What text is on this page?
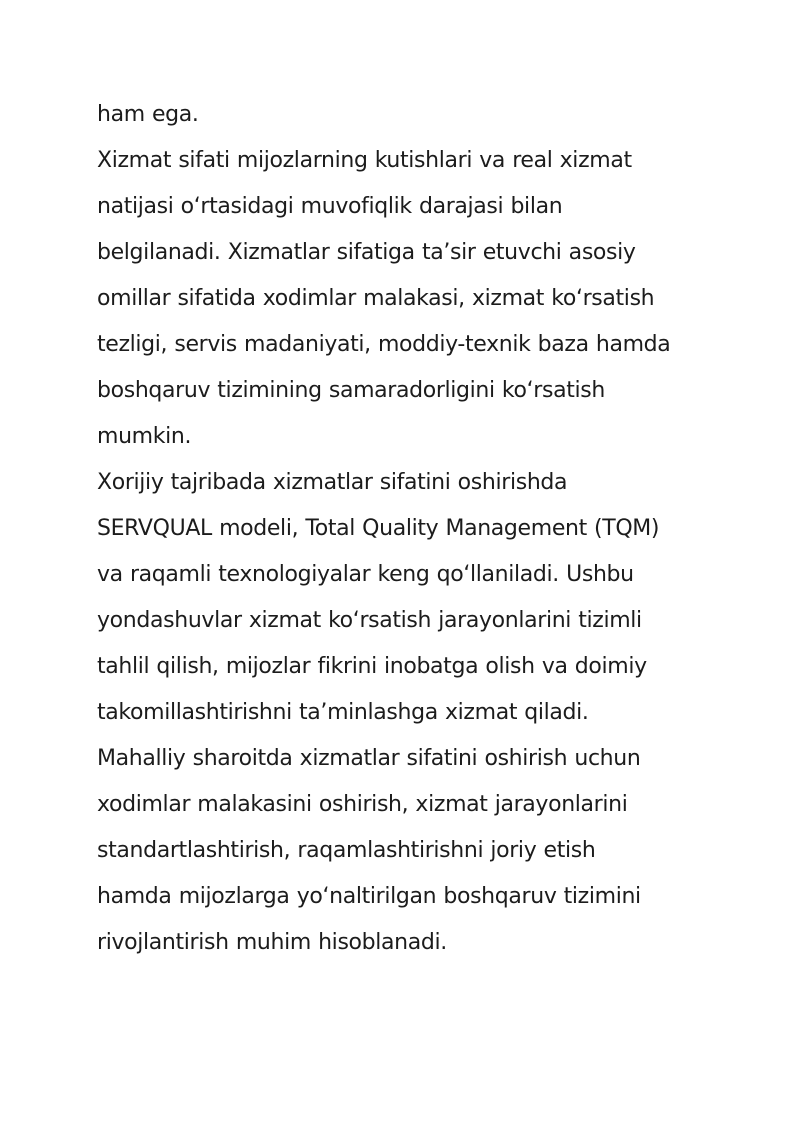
ham ega.

Xizmat sifati mijozlarning kutishlari va real xizmat
natijasi o‘rtasidagi muvofiqlik darajasi bilan
belgilanadi. Xizmatlar sifatiga ta’sir etuvchi asosiy
omillar sifatida xodimlar malakasi, xizmat ko‘rsatish
tezligi, servis madaniyati, moddiy-texnik baza hamda
boshqaruv tizimining samaradorligini ko‘rsatish
mumkin.

Xorijiy tajribada xizmatlar sifatini oshirishda
SERVQUAL modeli, Total Quality Management (TQM)
va raqamli texnologiyalar keng qo‘llaniladi. Ushbu
yondashuvlar xizmat ko‘rsatish jarayonlarini tizimli
tahlil qilish, mijozlar fikrini inobatga olish va doimiy
takomillashtirishni ta’minlashga xizmat qiladi.

Mahalliy sharoitda xizmatlar sifatini oshirish uchun
xodimlar malakasini oshirish, xizmat jarayonlarini
standartlashtirish, raqamlashtirishni joriy etish
hamda mijozlarga yo‘naltirilgan boshqaruv tizimini
rivojlantirish muhim hisoblanadi.
